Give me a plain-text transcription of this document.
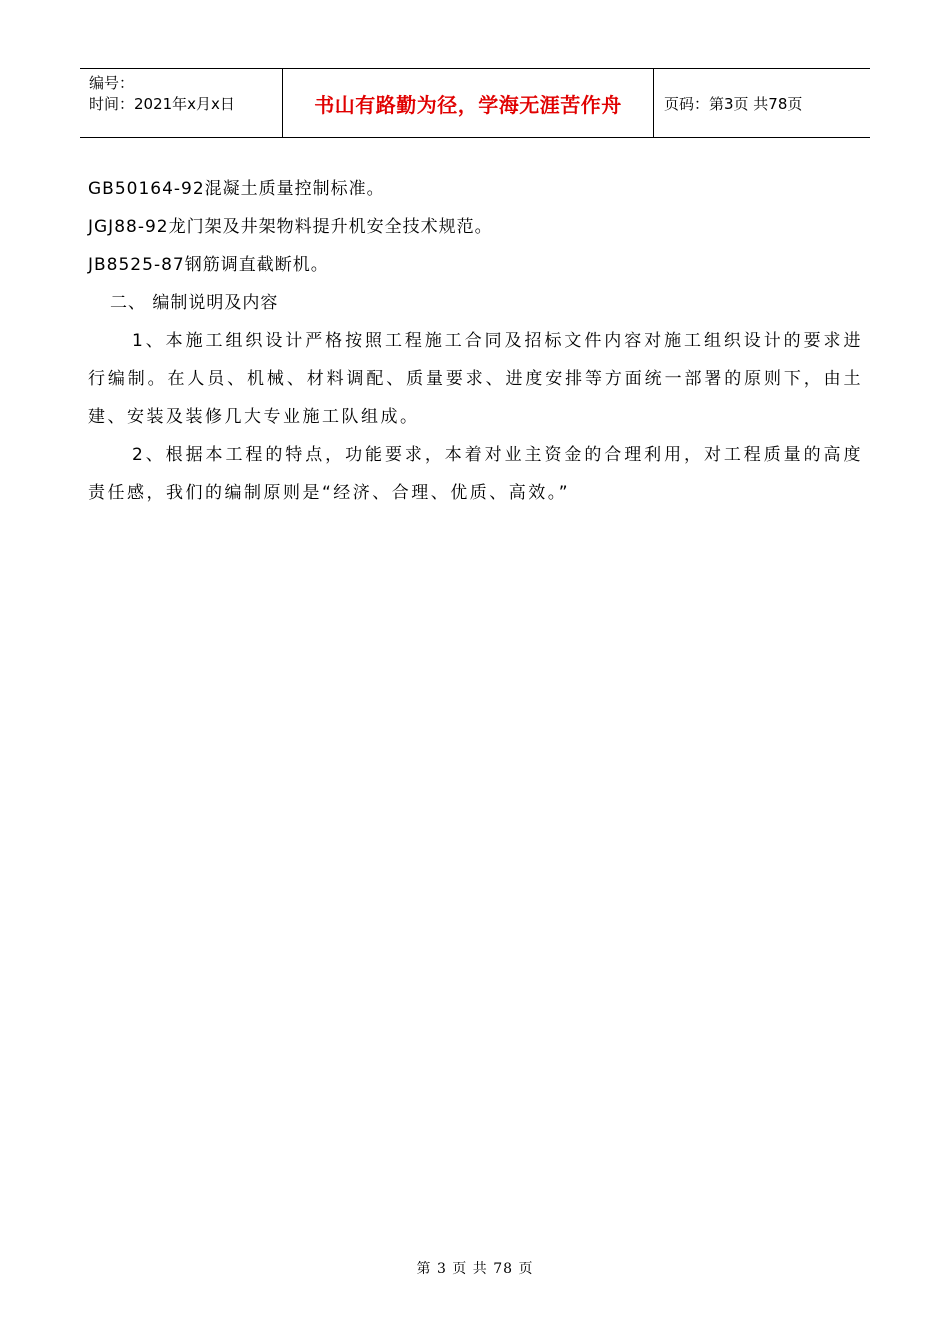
编号：
时间：2021年x月x日	书山有路勤为径，学海无涯苦作舟	页码：第3页 共78页
GB50164-92混凝土质量控制标准。
JGJ88-92龙门架及井架物料提升机安全技术规范。
JB8525-87钢筋调直截断机。
二、 编制说明及内容

1、本施工组织设计严格按照工程施工合同及招标文件内容对施工组织设计的要求进行编制。在人员、机械、材料调配、质量要求、进度安排等方面统一部署的原则下，由土建、安装及装修几大专业施工队组成。

2、根据本工程的特点，功能要求，本着对业主资金的合理利用，对工程质量的高度责任感，我们的编制原则是“经济、合理、优质、高效。”

第 3 页 共 78 页
